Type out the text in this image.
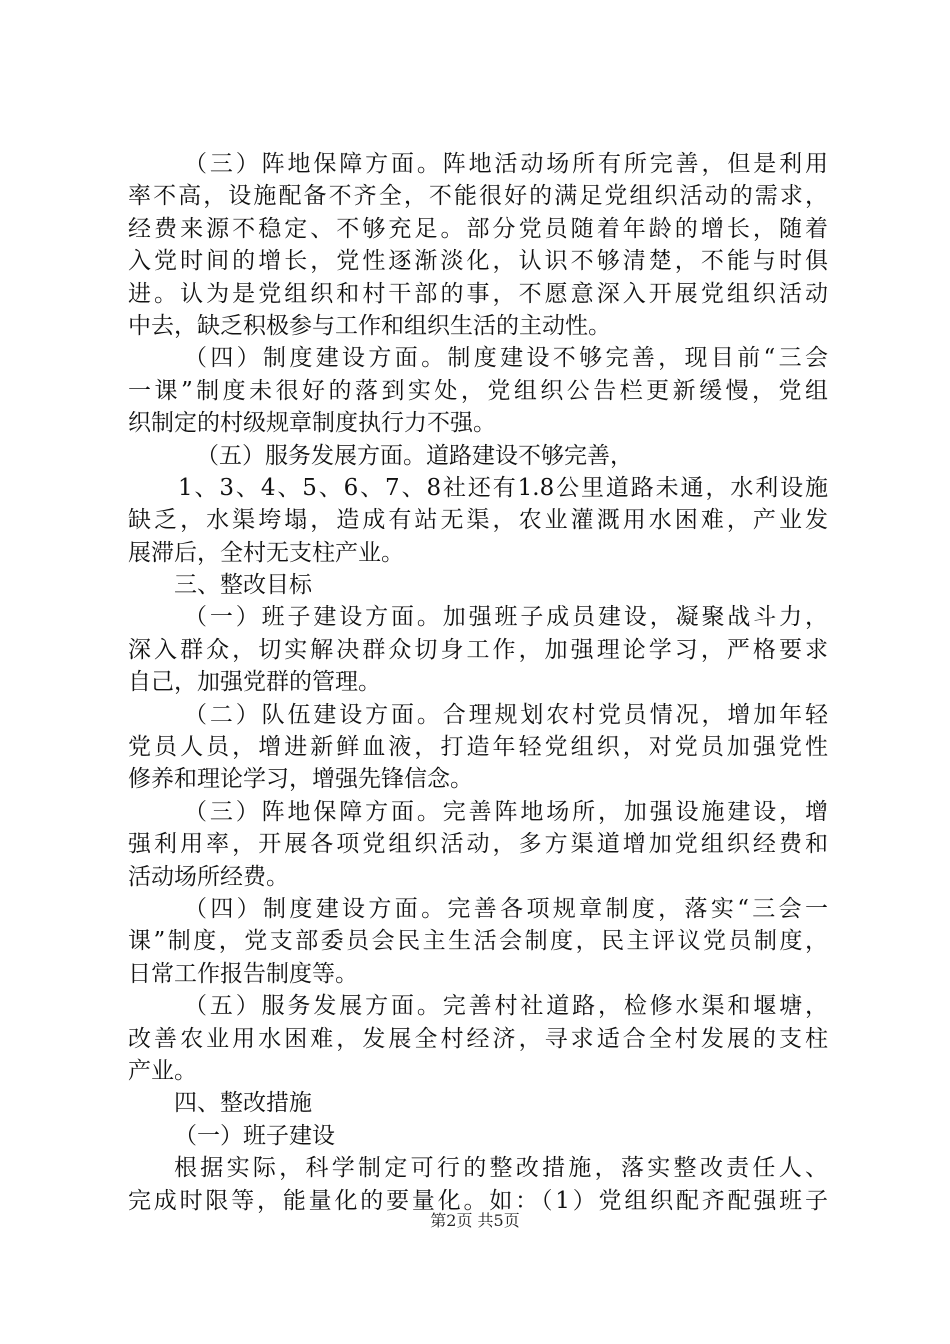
（三）阵地保障方面。阵地活动场所有所完善，但是利用
率不高，设施配备不齐全，不能很好的满足党组织活动的需求，
经费来源不稳定、不够充足。部分党员随着年龄的增长，随着
入党时间的增长，党性逐渐淡化，认识不够清楚，不能与时俱
进。认为是党组织和村干部的事，不愿意深入开展党组织活动
中去，缺乏积极参与工作和组织生活的主动性。
（四）制度建设方面。制度建设不够完善，现目前“三会
一课”制度未很好的落到实处，党组织公告栏更新缓慢，党组
织制定的村级规章制度执行力不强。
（五）服务发展方面。道路建设不够完善，
1、3、4、5、6、7、8社还有1.8公里道路未通，水利设施
缺乏，水渠垮塌，造成有站无渠，农业灌溉用水困难，产业发
展滞后，全村无支柱产业。
三、整改目标
（一）班子建设方面。加强班子成员建设，凝聚战斗力，
深入群众，切实解决群众切身工作，加强理论学习，严格要求
自己，加强党群的管理。
（二）队伍建设方面。合理规划农村党员情况，增加年轻
党员人员，增进新鲜血液，打造年轻党组织，对党员加强党性
修养和理论学习，增强先锋信念。
（三）阵地保障方面。完善阵地场所，加强设施建设，增
强利用率，开展各项党组织活动，多方渠道增加党组织经费和
活动场所经费。
（四）制度建设方面。完善各项规章制度，落实“三会一
课”制度，党支部委员会民主生活会制度，民主评议党员制度，
日常工作报告制度等。
（五）服务发展方面。完善村社道路，检修水渠和堰塘，
改善农业用水困难，发展全村经济，寻求适合全村发展的支柱
产业。
四、整改措施
（一）班子建设
根据实际，科学制定可行的整改措施，落实整改责任人、
完成时限等，能量化的要量化。如：（1）党组织配齐配强班子
第2页 共5页
